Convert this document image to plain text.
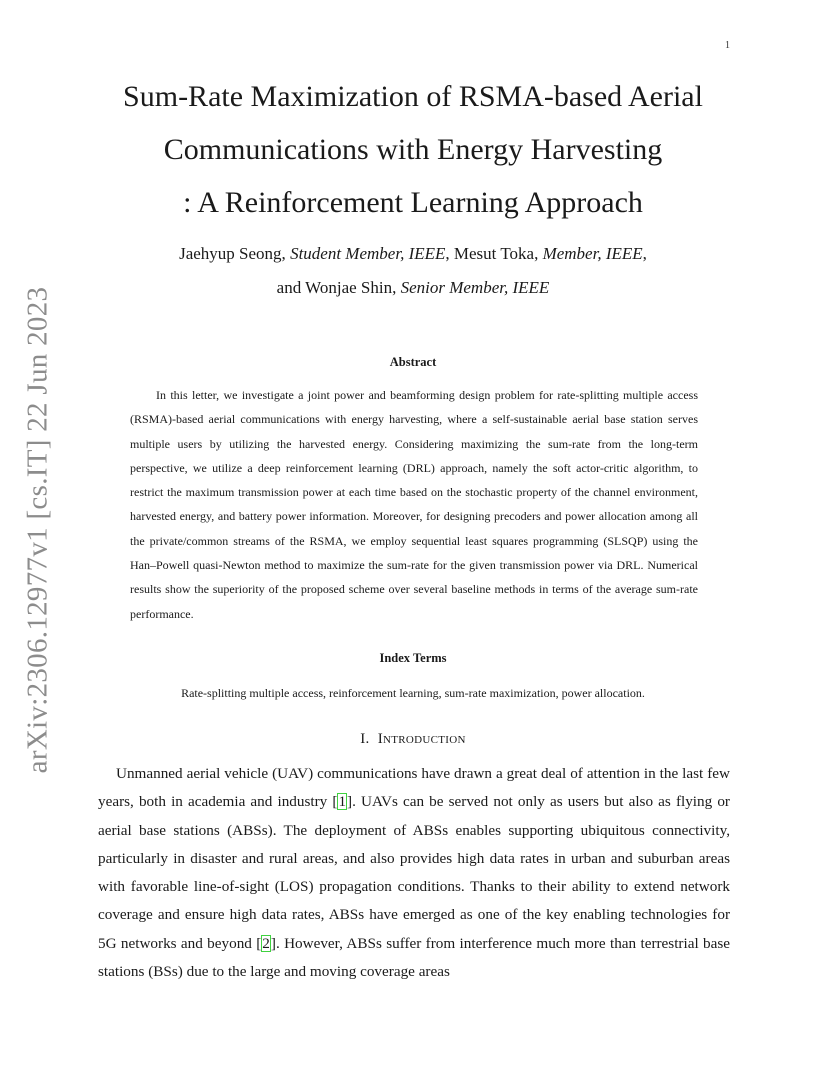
1
arXiv:2306.12977v1 [cs.IT] 22 Jun 2023
Sum-Rate Maximization of RSMA-based Aerial
Communications with Energy Harvesting
: A Reinforcement Learning Approach
Jaehyup Seong, Student Member, IEEE, Mesut Toka, Member, IEEE,
and Wonjae Shin, Senior Member, IEEE
Abstract

In this letter, we investigate a joint power and beamforming design problem for rate-splitting multiple access (RSMA)-based aerial communications with energy harvesting, where a self-sustainable aerial base station serves multiple users by utilizing the harvested energy. Considering maximizing the sum-rate from the long-term perspective, we utilize a deep reinforcement learning (DRL) approach, namely the soft actor-critic algorithm, to restrict the maximum transmission power at each time based on the stochastic property of the channel environment, harvested energy, and battery power information. Moreover, for designing precoders and power allocation among all the private/common streams of the RSMA, we employ sequential least squares programming (SLSQP) using the Han–Powell quasi-Newton method to maximize the sum-rate for the given transmission power via DRL. Numerical results show the superiority of the proposed scheme over several baseline methods in terms of the average sum-rate performance.

Index Terms
Rate-splitting multiple access, reinforcement learning, sum-rate maximization, power allocation.
I. Introduction

Unmanned aerial vehicle (UAV) communications have drawn a great deal of attention in the last few years, both in academia and industry [1]. UAVs can be served not only as users but also as flying or aerial base stations (ABSs). The deployment of ABSs enables supporting ubiquitous connectivity, particularly in disaster and rural areas, and also provides high data rates in urban and suburban areas with favorable line-of-sight (LOS) propagation conditions. Thanks to their ability to extend network coverage and ensure high data rates, ABSs have emerged as one of the key enabling technologies for 5G networks and beyond [2]. However, ABSs suffer from interference much more than terrestrial base stations (BSs) due to the large and moving coverage areas
